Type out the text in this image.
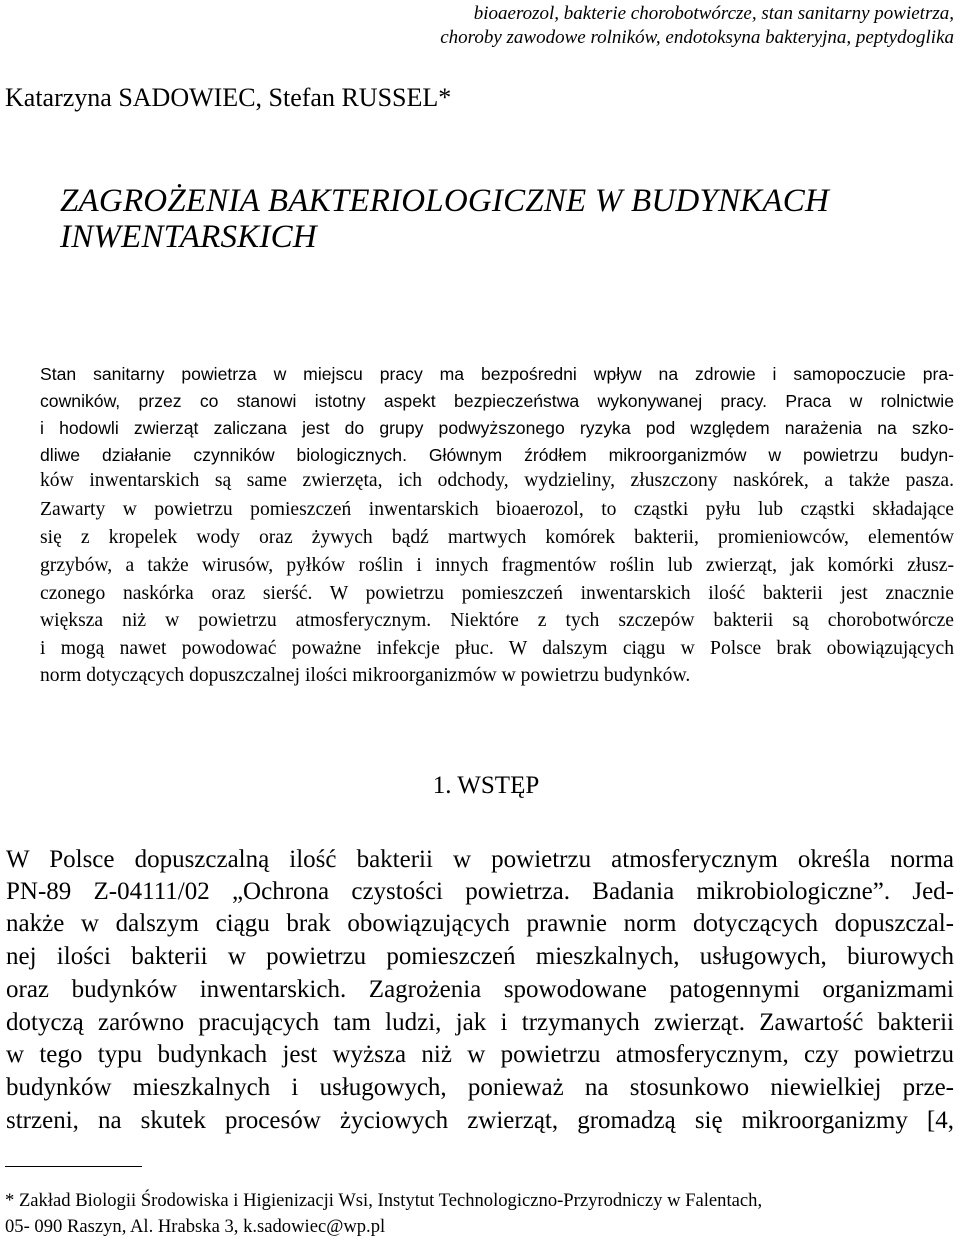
bioaerozol, bakterie chorobotwórcze, stan sanitarny powietrza,
choroby zawodowe rolników, endotoksyna bakteryjna, peptydoglika
Katarzyna SADOWIEC, Stefan RUSSEL*
ZAGROŻENIA BAKTERIOLOGICZNE W BUDYNKACH
INWENTARSKICH
Stan sanitarny powietrza w miejscu pracy ma bezpośredni wpływ na zdrowie i samopoczucie pra-
cowników, przez co stanowi istotny aspekt bezpieczeństwa wykonywanej pracy. Praca w rolnictwie
i hodowli zwierząt zaliczana jest do grupy podwyższonego ryzyka pod względem narażenia na szko-
dliwe działanie czynników biologicznych. Głównym źródłem mikroorganizmów w powietrzu budyn-
ków inwentarskich są same zwierzęta, ich odchody, wydzieliny, złuszczony naskórek, a także pasza.
Zawarty w powietrzu pomieszczeń inwentarskich bioaerozol, to cząstki pyłu lub cząstki składające
się z kropelek wody oraz żywych bądź martwych komórek bakterii, promieniowców, elementów
grzybów, a także wirusów, pyłków roślin i innych fragmentów roślin lub zwierząt, jak komórki złusz-
czonego naskórka oraz sierść. W powietrzu pomieszczeń inwentarskich ilość bakterii jest znacznie
większa niż w powietrzu atmosferycznym. Niektóre z tych szczepów bakterii są chorobotwórcze
i mogą nawet powodować poważne infekcje płuc. W dalszym ciągu w Polsce brak obowiązujących
norm dotyczących dopuszczalnej ilości mikroorganizmów w powietrzu budynków.
1. WSTĘP
W Polsce dopuszczalną ilość bakterii w powietrzu atmosferycznym określa norma
PN-89 Z-04111/02 „Ochrona czystości powietrza. Badania mikrobiologiczne”. Jed-
nakże w dalszym ciągu brak obowiązujących prawnie norm dotyczących dopuszczal-
nej ilości bakterii w powietrzu pomieszczeń mieszkalnych, usługowych, biurowych
oraz budynków inwentarskich. Zagrożenia spowodowane patogennymi organizmami
dotyczą zarówno pracujących tam ludzi, jak i trzymanych zwierząt. Zawartość bakterii
w tego typu budynkach jest wyższa niż w powietrzu atmosferycznym, czy powietrzu
budynków mieszkalnych i usługowych, ponieważ na stosunkowo niewielkiej prze-
strzeni, na skutek procesów życiowych zwierząt, gromadzą się mikroorganizmy [4,
* Zakład Biologii Środowiska i Higienizacji Wsi, Instytut Technologiczno-Przyrodniczy w Falentach,
05- 090 Raszyn, Al. Hrabska 3, k.sadowiec@wp.pl
